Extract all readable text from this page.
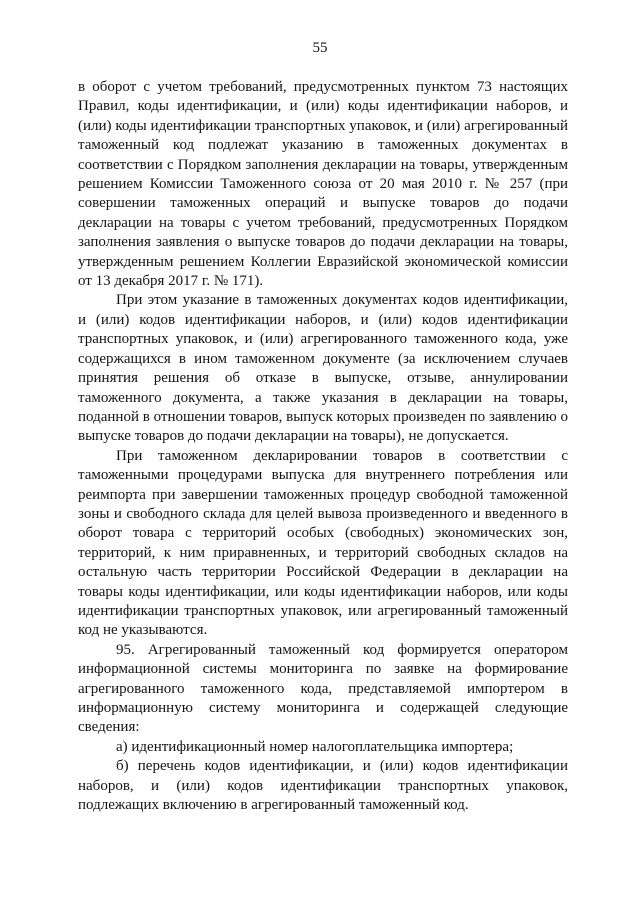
55

в оборот с учетом требований, предусмотренных пунктом 73 настоящих Правил, коды идентификации, и (или) коды идентификации наборов, и (или) коды идентификации транспортных упаковок, и (или) агрегированный таможенный код подлежат указанию в таможенных документах в соответствии с Порядком заполнения декларации на товары, утвержденным решением Комиссии Таможенного союза от 20 мая 2010 г. № 257 (при совершении таможенных операций и выпуске товаров до подачи декларации на товары с учетом требований, предусмотренных Порядком заполнения заявления о выпуске товаров до подачи декларации на товары, утвержденным решением Коллегии Евразийской экономической комиссии от 13 декабря 2017 г. № 171).

При этом указание в таможенных документах кодов идентификации, и (или) кодов идентификации наборов, и (или) кодов идентификации транспортных упаковок, и (или) агрегированного таможенного кода, уже содержащихся в ином таможенном документе (за исключением случаев принятия решения об отказе в выпуске, отзыве, аннулировании таможенного документа, а также указания в декларации на товары, поданной в отношении товаров, выпуск которых произведен по заявлению о выпуске товаров до подачи декларации на товары), не допускается.

При таможенном декларировании товаров в соответствии с таможенными процедурами выпуска для внутреннего потребления или реимпорта при завершении таможенных процедур свободной таможенной зоны и свободного склада для целей вывоза произведенного и введенного в оборот товара с территорий особых (свободных) экономических зон, территорий, к ним приравненных, и территорий свободных складов на остальную часть территории Российской Федерации в декларации на товары коды идентификации, или коды идентификации наборов, или коды идентификации транспортных упаковок, или агрегированный таможенный код не указываются.

95. Агрегированный таможенный код формируется оператором информационной системы мониторинга по заявке на формирование агрегированного таможенного кода, представляемой импортером в информационную систему мониторинга и содержащей следующие сведения:

а) идентификационный номер налогоплательщика импортера;

б) перечень кодов идентификации, и (или) кодов идентификации наборов, и (или) кодов идентификации транспортных упаковок, подлежащих включению в агрегированный таможенный код.
